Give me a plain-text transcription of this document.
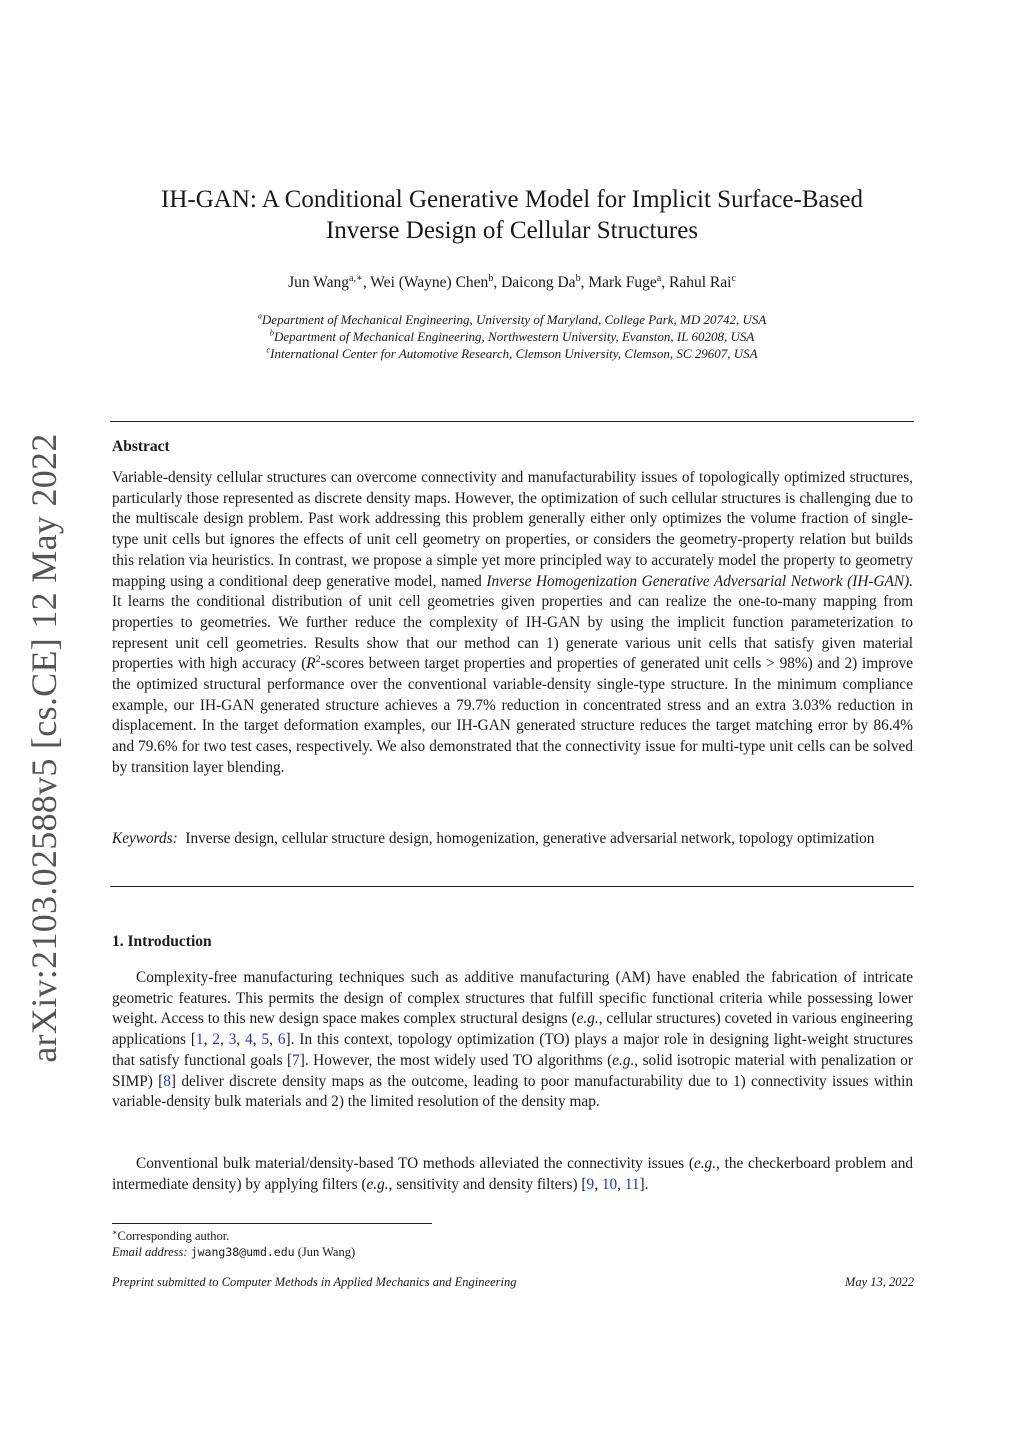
arXiv:2103.02588v5 [cs.CE] 12 May 2022
IH-GAN: A Conditional Generative Model for Implicit Surface-Based
Inverse Design of Cellular Structures
Jun Wang$^{a,∗}$, Wei (Wayne) Chen$^b$, Daicong Da$^b$, Mark Fuge$^a$, Rahul Rai$^c$
$^a$Department of Mechanical Engineering, University of Maryland, College Park, MD 20742, USA
$^b$Department of Mechanical Engineering, Northwestern University, Evanston, IL 60208, USA
$^c$International Center for Automotive Research, Clemson University, Clemson, SC 29607, USA
Abstract

Variable-density cellular structures can overcome connectivity and manufacturability issues of topologically optimized structures, particularly those represented as discrete density maps. However, the optimization of such cellular structures is challenging due to the multiscale design problem. Past work addressing this problem generally either only optimizes the volume fraction of single-type unit cells but ignores the effects of unit cell geometry on properties, or considers the geometry-property relation but builds this relation via heuristics. In contrast, we propose a simple yet more principled way to accurately model the property to geometry mapping using a conditional deep generative model, named Inverse Homogenization Generative Adversarial Network (IH-GAN). It learns the conditional distribution of unit cell geometries given properties and can realize the one-to-many mapping from properties to geometries. We further reduce the complexity of IH-GAN by using the implicit function parameterization to represent unit cell geometries. Results show that our method can 1) generate various unit cells that satisfy given material properties with high accuracy ($R^2$-scores between target properties and properties of generated unit cells > 98%) and 2) improve the optimized structural performance over the conventional variable-density single-type structure. In the minimum compliance example, our IH-GAN generated structure achieves a 79.7% reduction in concentrated stress and an extra 3.03% reduction in displacement. In the target deformation examples, our IH-GAN generated structure reduces the target matching error by 86.4% and 79.6% for two test cases, respectively. We also demonstrated that the connectivity issue for multi-type unit cells can be solved by transition layer blending.

Keywords: Inverse design, cellular structure design, homogenization, generative adversarial network, topology optimization

1. Introduction

Complexity-free manufacturing techniques such as additive manufacturing (AM) have enabled the fabrication of intricate geometric features. This permits the design of complex structures that fulfill specific functional criteria while possessing lower weight. Access to this new design space makes complex structural designs (e.g., cellular structures) coveted in various engineering applications [1, 2, 3, 4, 5, 6]. In this context, topology optimization (TO) plays a major role in designing light-weight structures that satisfy functional goals [7]. However, the most widely used TO algorithms (e.g., solid isotropic material with penalization or SIMP) [8] deliver discrete density maps as the outcome, leading to poor manufacturability due to 1) connectivity issues within variable-density bulk materials and 2) the limited resolution of the density map.

Conventional bulk material/density-based TO methods alleviated the connectivity issues (e.g., the checkerboard problem and intermediate density) by applying filters (e.g., sensitivity and density filters) [9, 10, 11].

∗Corresponding author.
Email address: jwang38@umd.edu (Jun Wang)
Preprint submitted to Computer Methods in Applied Mechanics and Engineering	May 13, 2022
